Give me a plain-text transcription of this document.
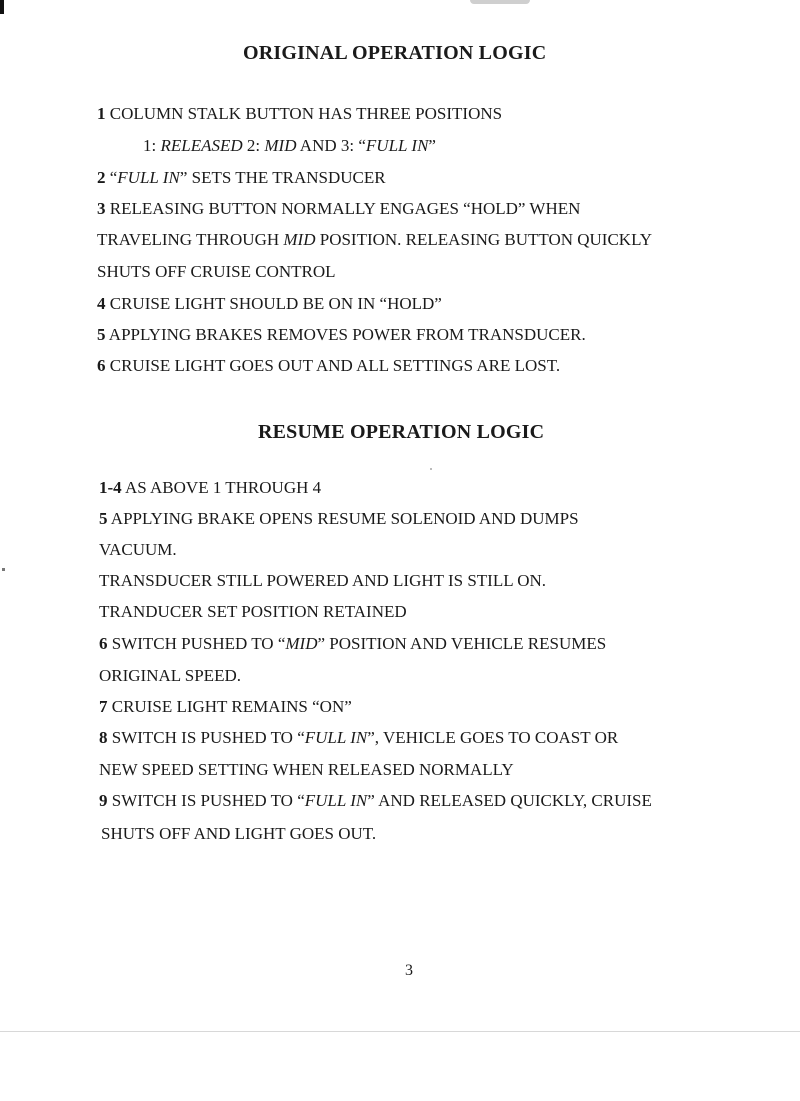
ORIGINAL OPERATION LOGIC
1 COLUMN STALK BUTTON HAS THREE POSITIONS
1: RELEASED 2: MID AND 3: “FULL IN”
2 “FULL IN” SETS THE TRANSDUCER
3 RELEASING BUTTON NORMALLY ENGAGES “HOLD” WHEN
TRAVELING THROUGH MID POSITION. RELEASING BUTTON QUICKLY
SHUTS OFF CRUISE CONTROL
4 CRUISE LIGHT SHOULD BE ON IN “HOLD”
5 APPLYING BRAKES REMOVES POWER FROM TRANSDUCER.
6 CRUISE LIGHT GOES OUT AND ALL SETTINGS ARE LOST.
RESUME OPERATION LOGIC
1-4 AS ABOVE 1 THROUGH 4
5 APPLYING BRAKE OPENS RESUME SOLENOID AND DUMPS
VACUUM.
TRANSDUCER STILL POWERED AND LIGHT IS STILL ON.
TRANDUCER SET POSITION RETAINED
6 SWITCH PUSHED TO “MID” POSITION AND VEHICLE RESUMES
ORIGINAL SPEED.
7 CRUISE LIGHT REMAINS “ON”
8 SWITCH IS PUSHED TO “FULL IN”, VEHICLE GOES TO COAST OR
NEW SPEED SETTING WHEN RELEASED NORMALLY
9 SWITCH IS PUSHED TO “FULL IN” AND RELEASED QUICKLY, CRUISE
SHUTS OFF AND LIGHT GOES OUT.
3
